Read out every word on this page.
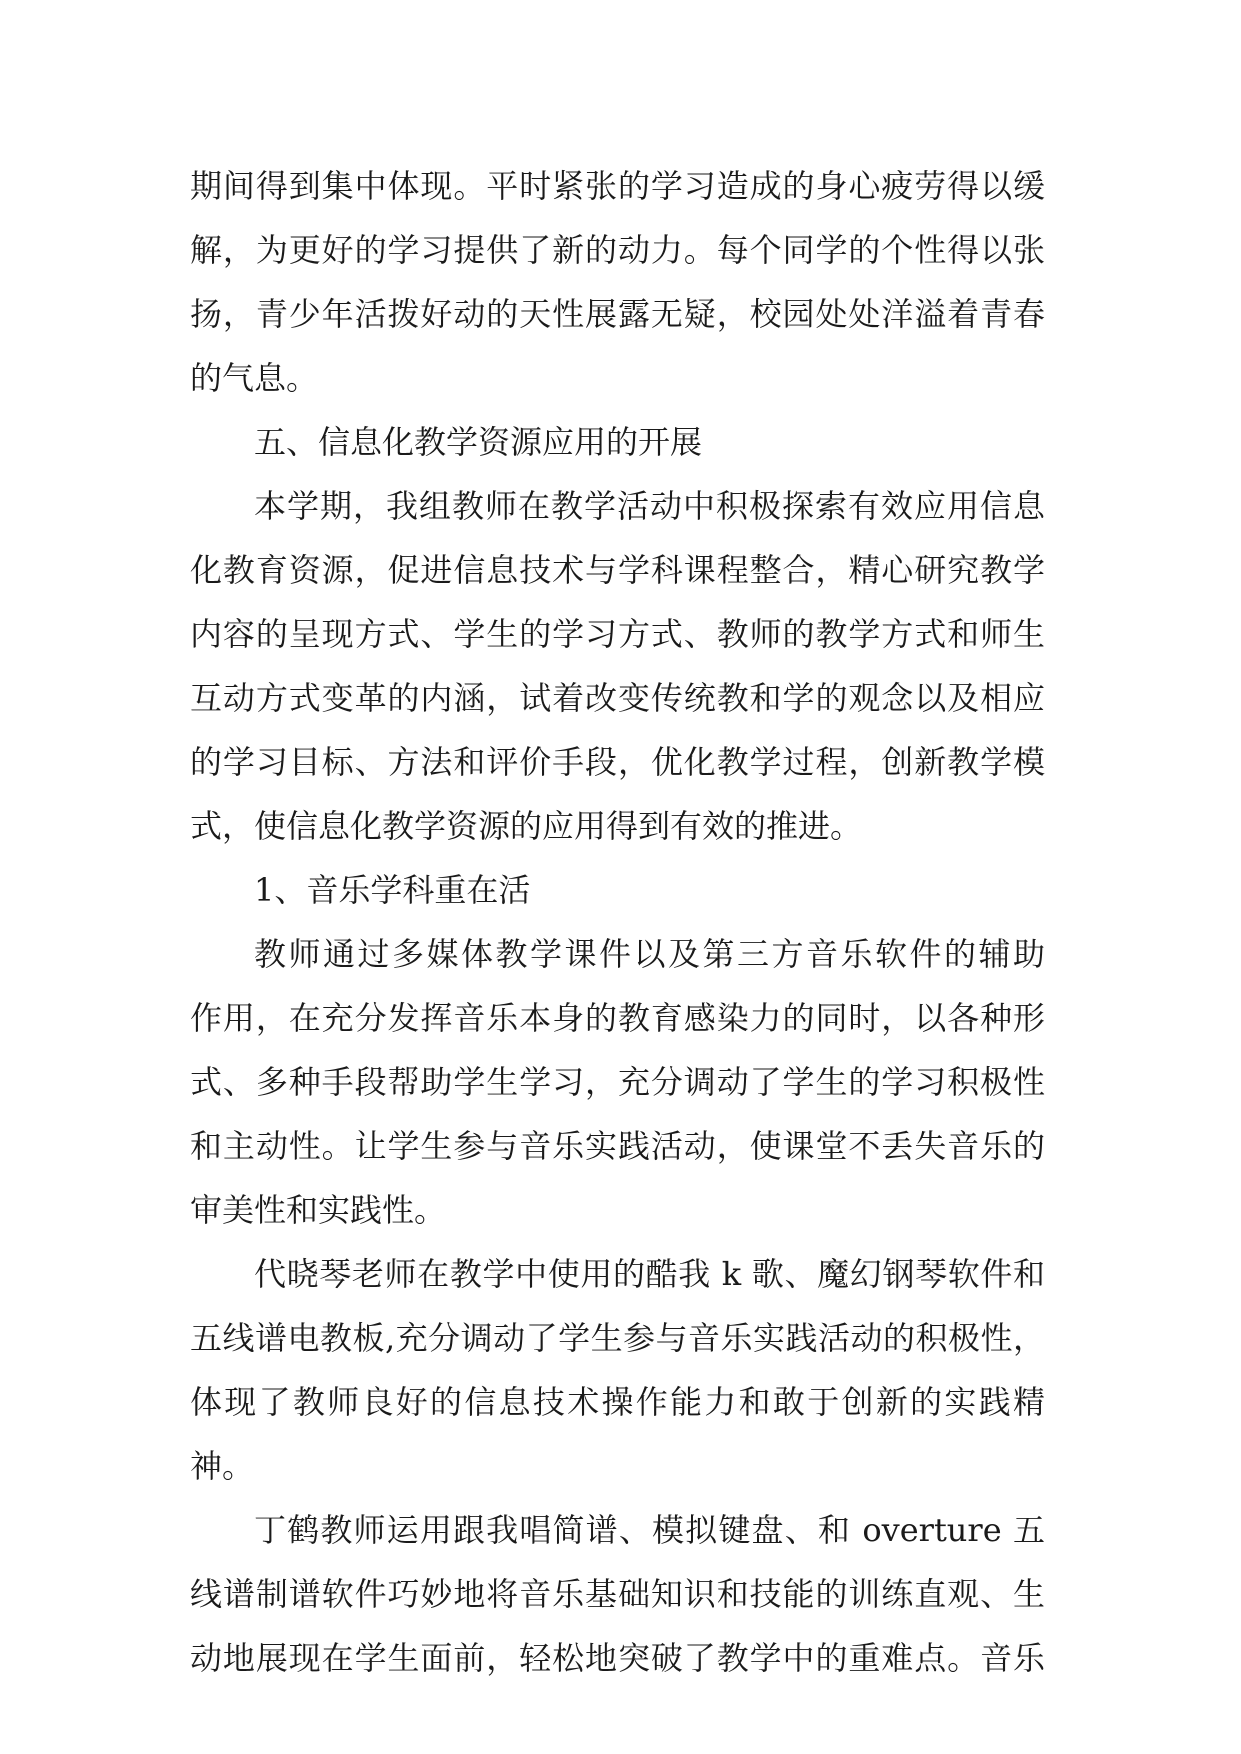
期间得到集中体现。平时紧张的学习造成的身心疲劳得以缓
解，为更好的学习提供了新的动力。每个同学的个性得以张
扬，青少年活拨好动的天性展露无疑，校园处处洋溢着青春
的气息。
五、信息化教学资源应用的开展
本学期，我组教师在教学活动中积极探索有效应用信息
化教育资源，促进信息技术与学科课程整合，精心研究教学
内容的呈现方式、学生的学习方式、教师的教学方式和师生
互动方式变革的内涵，试着改变传统教和学的观念以及相应
的学习目标、方法和评价手段，优化教学过程，创新教学模
式，使信息化教学资源的应用得到有效的推进。
1、音乐学科重在活
教师通过多媒体教学课件以及第三方音乐软件的辅助
作用，在充分发挥音乐本身的教育感染力的同时，以各种形
式、多种手段帮助学生学习，充分调动了学生的学习积极性
和主动性。让学生参与音乐实践活动，使课堂不丢失音乐的
审美性和实践性。
代晓琴老师在教学中使用的酷我 k 歌、魔幻钢琴软件和
五线谱电教板,充分调动了学生参与音乐实践活动的积极性，
体现了教师良好的信息技术操作能力和敢于创新的实践精
神。
丁鹤教师运用跟我唱简谱、模拟键盘、和 overture 五
线谱制谱软件巧妙地将音乐基础知识和技能的训练直观、生
动地展现在学生面前，轻松地突破了教学中的重难点。音乐
